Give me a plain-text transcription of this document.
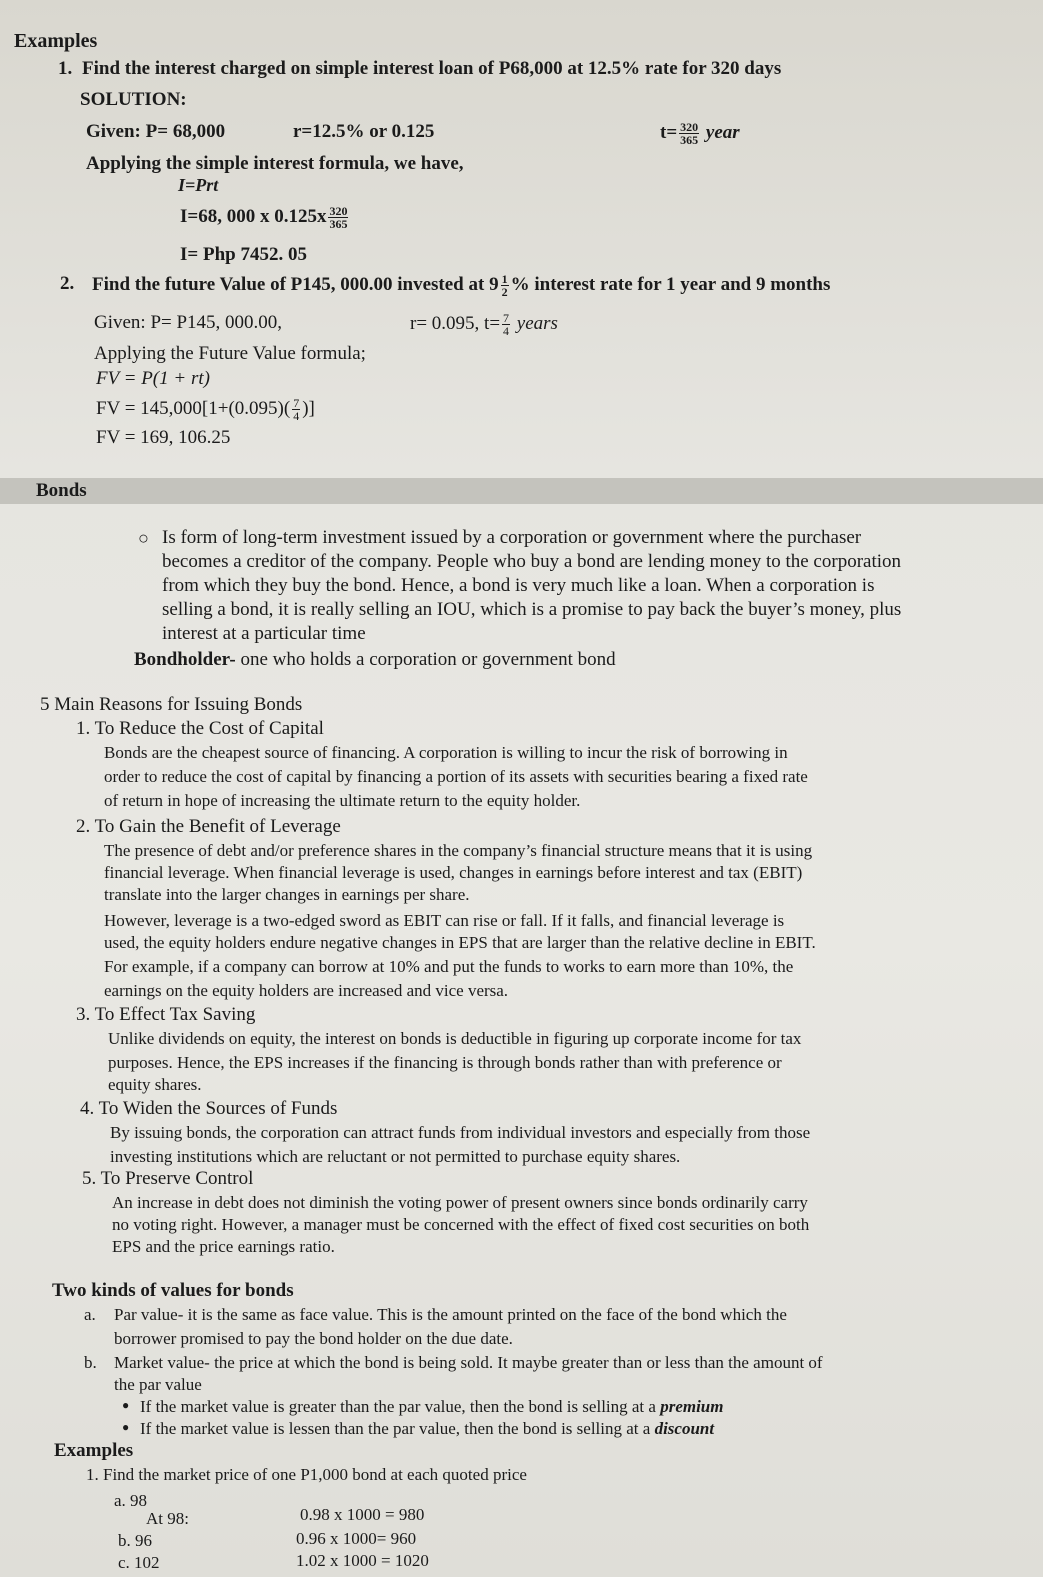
Examples
1. Find the interest charged on simple interest loan of P68,000 at 12.5% rate for 320 days
SOLUTION:
Given: P= 68,000	r=12.5% or 0.125	$t= \frac{320}{365}$ year
Applying the simple interest formula, we have,
I=Prt
I=68, 000 x $0.125x \frac{320}{365}$
I= Php 7452. 05
2. Find the future Value of P145, 000.00 invested at $9 \frac{1}{2}$ % interest rate for 1 year and 9 months
Given: P= P145, 000.00,	r= 0.095, $t= \frac{7}{4}$ years
Applying the Future Value formula;
FV = P(1 + rt)
FV = $145,000[1+(0.095)( \frac{7}{4}$ )]
FV = 169, 106.25
Bonds
○ Is form of long-term investment issued by a corporation or government where the purchaser
becomes a creditor of the company. People who buy a bond are lending money to the corporation
from which they buy the bond. Hence, a bond is very much like a loan. When a corporation is
selling a bond, it is really selling an IOU, which is a promise to pay back the buyer’s money, plus
interest at a particular time
Bondholder- one who holds a corporation or government bond
5 Main Reasons for Issuing Bonds
1. To Reduce the Cost of Capital
Bonds are the cheapest source of financing. A corporation is willing to incur the risk of borrowing in
order to reduce the cost of capital by financing a portion of its assets with securities bearing a fixed rate
of return in hope of increasing the ultimate return to the equity holder.
2. To Gain the Benefit of Leverage
The presence of debt and/or preference shares in the company’s financial structure means that it is using
financial leverage. When financial leverage is used, changes in earnings before interest and tax (EBIT)
translate into the larger changes in earnings per share.
However, leverage is a two-edged sword as EBIT can rise or fall. If it falls, and financial leverage is
used, the equity holders endure negative changes in EPS that are larger than the relative decline in EBIT.
For example, if a company can borrow at 10% and put the funds to works to earn more than 10%, the
earnings on the equity holders are increased and vice versa.
3. To Effect Tax Saving
Unlike dividends on equity, the interest on bonds is deductible in figuring up corporate income for tax
purposes. Hence, the EPS increases if the financing is through bonds rather than with preference or
equity shares.
4. To Widen the Sources of Funds
By issuing bonds, the corporation can attract funds from individual investors and especially from those
investing institutions which are reluctant or not permitted to purchase equity shares.
5. To Preserve Control
An increase in debt does not diminish the voting power of present owners since bonds ordinarily carry
no voting right. However, a manager must be concerned with the effect of fixed cost securities on both
EPS and the price earnings ratio.
Two kinds of values for bonds
a. Par value- it is the same as face value. This is the amount printed on the face of the bond which the
borrower promised to pay the bond holder on the due date.
b. Market value- the price at which the bond is being sold. It maybe greater than or less than the amount of
the par value
● If the market value is greater than the par value, then the bond is selling at a premium
● If the market value is lessen than the par value, then the bond is selling at a discount
Examples
1. Find the market price of one P1,000 bond at each quoted price
a. 98
At 98:	0.98 x 1000 = 980
b. 96	0.96 x 1000= 960
c. 102	1.02 x 1000 = 1020
